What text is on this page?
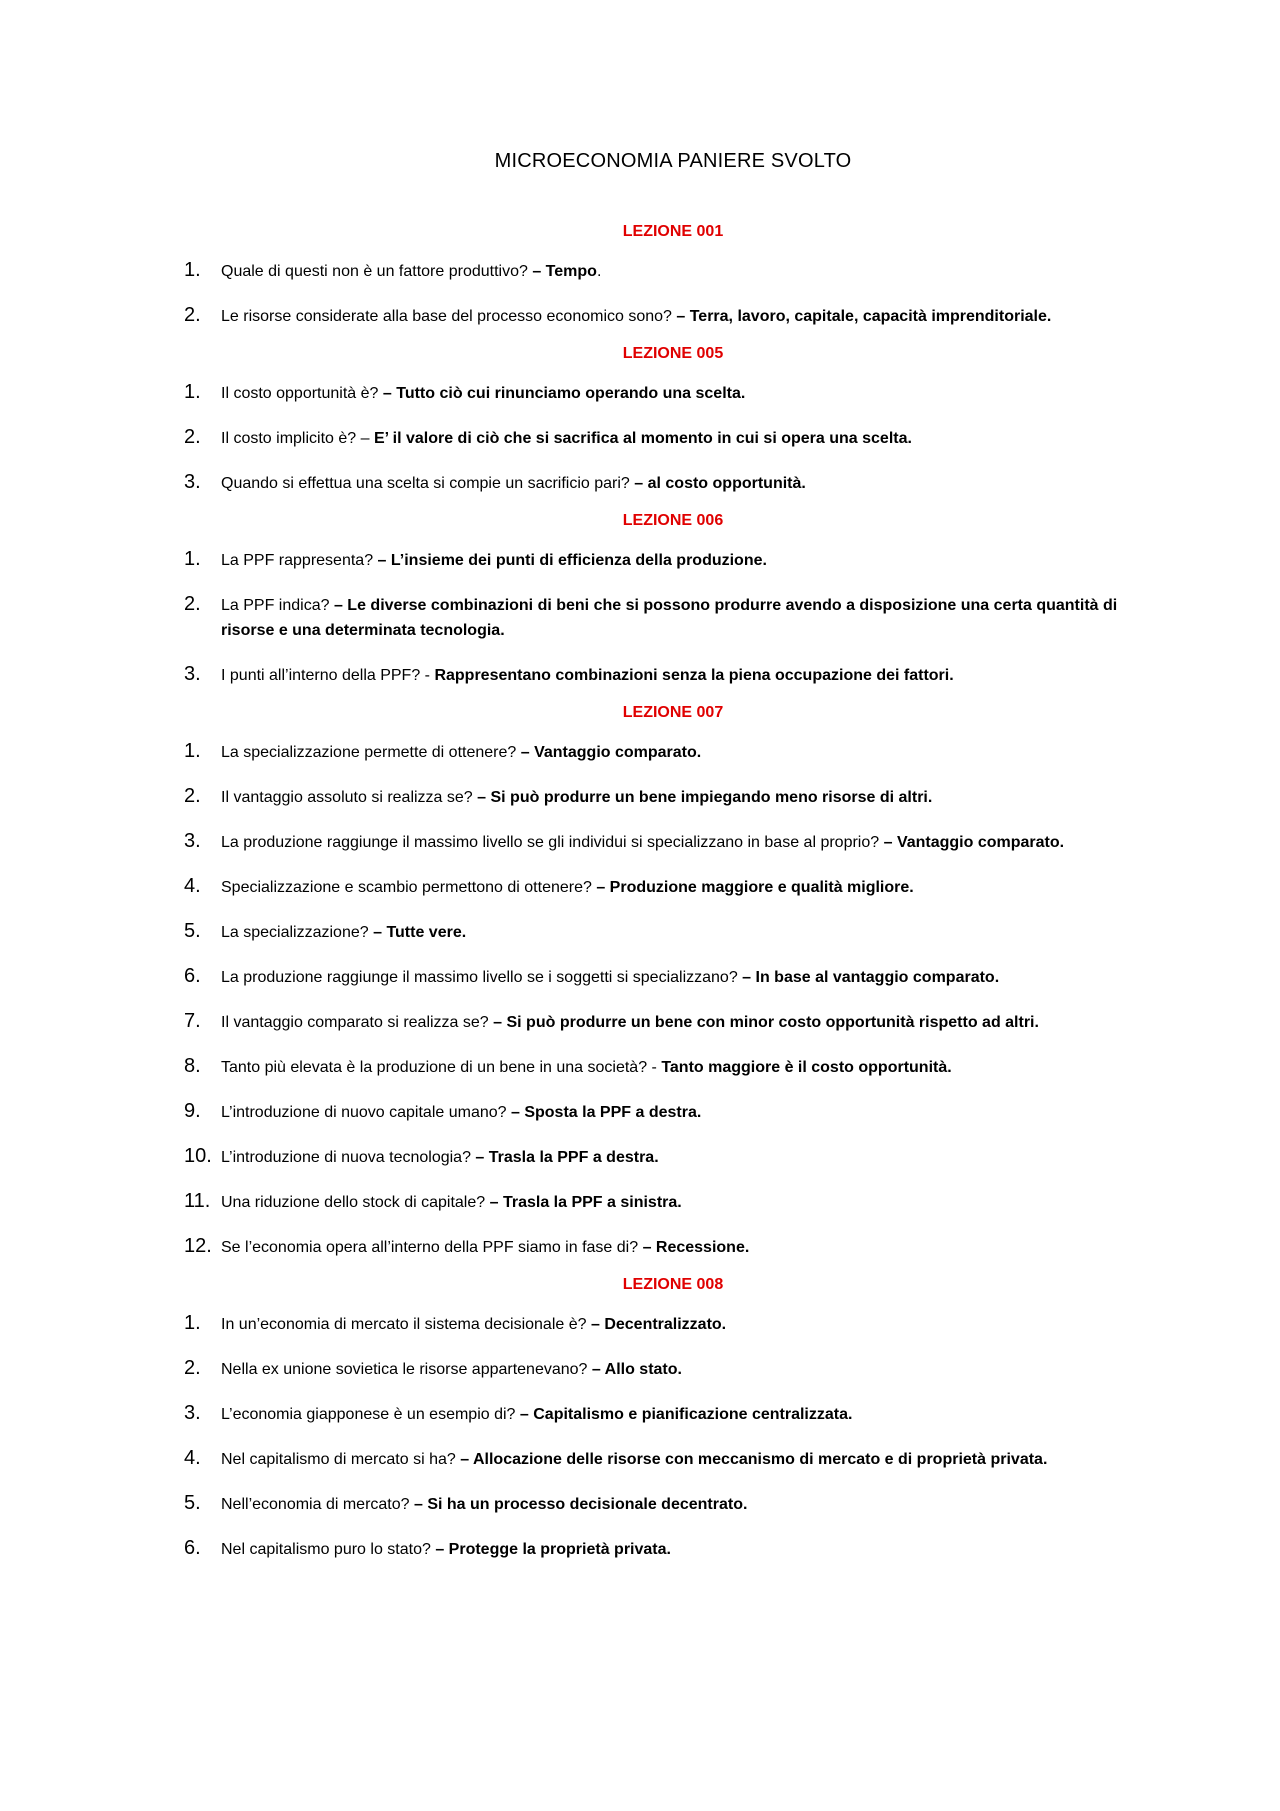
MICROECONOMIA PANIERE SVOLTO
LEZIONE 001
1. Quale di questi non è un fattore produttivo? – Tempo.
2. Le risorse considerate alla base del processo economico sono? – Terra, lavoro, capitale, capacità imprenditoriale.
LEZIONE 005
1. Il costo opportunità è? – Tutto ciò cui rinunciamo operando una scelta.
2. Il costo implicito è? – E’ il valore di ciò che si sacrifica al momento in cui si opera una scelta.
3. Quando si effettua una scelta si compie un sacrificio pari? – al costo opportunità.
LEZIONE 006
1. La PPF rappresenta? – L’insieme dei punti di efficienza della produzione.
2. La PPF indica? – Le diverse combinazioni di beni che si possono produrre avendo a disposizione una certa quantità di risorse e una determinata tecnologia.
3. I punti all’interno della PPF? - Rappresentano combinazioni senza la piena occupazione dei fattori.
LEZIONE 007
1. La specializzazione permette di ottenere? – Vantaggio comparato.
2. Il vantaggio assoluto si realizza se? – Si può produrre un bene impiegando meno risorse di altri.
3. La produzione raggiunge il massimo livello se gli individui si specializzano in base al proprio? – Vantaggio comparato.
4. Specializzazione e scambio permettono di ottenere? – Produzione maggiore e qualità migliore.
5. La specializzazione? – Tutte vere.
6. La produzione raggiunge il massimo livello se i soggetti si specializzano? – In base al vantaggio comparato.
7. Il vantaggio comparato si realizza se? – Si può produrre un bene con minor costo opportunità rispetto ad altri.
8. Tanto più elevata è la produzione di un bene in una società? - Tanto maggiore è il costo opportunità.
9. L’introduzione di nuovo capitale umano? – Sposta la PPF a destra.
10. L’introduzione di nuova tecnologia? – Trasla la PPF a destra.
11. Una riduzione dello stock di capitale? – Trasla la PPF a sinistra.
12. Se l’economia opera all’interno della PPF siamo in fase di? – Recessione.
LEZIONE 008
1. In un’economia di mercato il sistema decisionale è? – Decentralizzato.
2. Nella ex unione sovietica le risorse appartenevano? – Allo stato.
3. L’economia giapponese è un esempio di? – Capitalismo e pianificazione centralizzata.
4. Nel capitalismo di mercato si ha? – Allocazione delle risorse con meccanismo di mercato e di proprietà privata.
5. Nell’economia di mercato? – Si ha un processo decisionale decentrato.
6. Nel capitalismo puro lo stato? – Protegge la proprietà privata.
